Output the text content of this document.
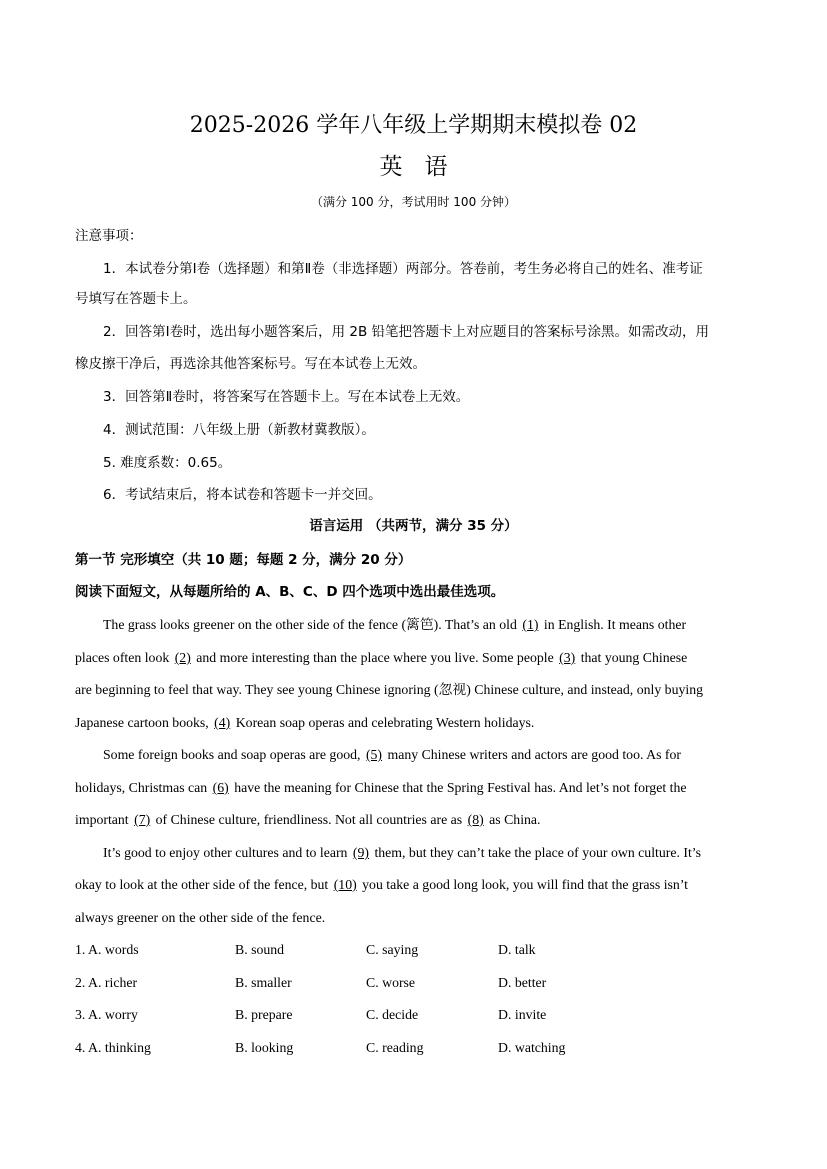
2025-2026 学年八年级上学期期末模拟卷 02
英语
（满分 100 分，考试用时 100 分钟）
注意事项：
1．本试卷分第Ⅰ卷（选择题）和第Ⅱ卷（非选择题）两部分。答卷前，考生务必将自己的姓名、准考证
号填写在答题卡上。
2．回答第Ⅰ卷时，选出每小题答案后，用 2B 铅笔把答题卡上对应题目的答案标号涂黑。如需改动，用
橡皮擦干净后，再选涂其他答案标号。写在本试卷上无效。
3．回答第Ⅱ卷时，将答案写在答题卡上。写在本试卷上无效。
4．测试范围：八年级上册（新教材冀教版）。
5. 难度系数：0.65。
6．考试结束后，将本试卷和答题卡一并交回。
语言运用 （共两节，满分 35 分）
第一节 完形填空（共 10 题；每题 2 分，满分 20 分）
阅读下面短文，从每题所给的 A、B、C、D 四个选项中选出最佳选项。
The grass looks greener on the other side of the fence (篱笆). That’s an old (1) in English. It means other
places often look (2) and more interesting than the place where you live. Some people (3) that young Chinese
are beginning to feel that way. They see young Chinese ignoring (忽视) Chinese culture, and instead, only buying
Japanese cartoon books, (4) Korean soap operas and celebrating Western holidays.
Some foreign books and soap operas are good, (5) many Chinese writers and actors are good too. As for
holidays, Christmas can (6) have the meaning for Chinese that the Spring Festival has. And let’s not forget the
important (7) of Chinese culture, friendliness. Not all countries are as (8) as China.
It’s good to enjoy other cultures and to learn (9) them, but they can’t take the place of your own culture. It’s
okay to look at the other side of the fence, but (10) you take a good long look, you will find that the grass isn’t
always greener on the other side of the fence.
1. A. words	B. sound	C. saying	D. talk
2. A. richer	B. smaller	C. worse	D. better
3. A. worry	B. prepare	C. decide	D. invite
4. A. thinking	B. looking	C. reading	D. watching
